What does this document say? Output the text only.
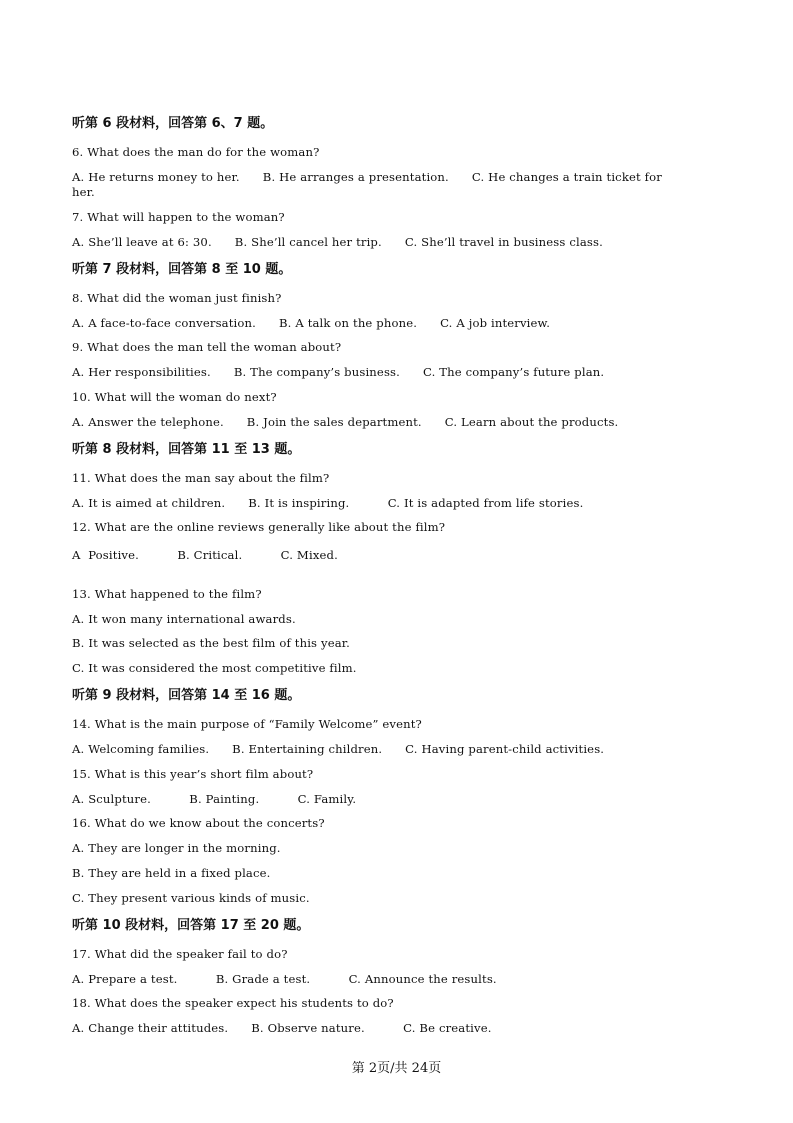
听第 6 段材料，回答第 6、7 题。
6. What does the man do for the woman?
A. He returns money to her.      B. He arranges a presentation.      C. He changes a train ticket for
her.
7. What will happen to the woman?
A. She’ll leave at 6: 30.      B. She’ll cancel her trip.      C. She’ll travel in business class.
听第 7 段材料，回答第 8 至 10 题。
8. What did the woman just finish?
A. A face-to-face conversation.      B. A talk on the phone.      C. A job interview.
9. What does the man tell the woman about?
A. Her responsibilities.      B. The company’s business.      C. The company’s future plan.
10. What will the woman do next?
A. Answer the telephone.      B. Join the sales department.      C. Learn about the products.
听第 8 段材料，回答第 11 至 13 题。
11. What does the man say about the film?
A. It is aimed at children.      B. It is inspiring.          C. It is adapted from life stories.
12. What are the online reviews generally like about the film?
A  Positive.          B. Critical.          C. Mixed.
13. What happened to the film?
A. It won many international awards.
B. It was selected as the best film of this year.
C. It was considered the most competitive film.
听第 9 段材料，回答第 14 至 16 题。
14. What is the main purpose of “Family Welcome” event?
A. Welcoming families.      B. Entertaining children.      C. Having parent-child activities.
15. What is this year’s short film about?
A. Sculpture.          B. Painting.          C. Family.
16. What do we know about the concerts?
A. They are longer in the morning.
B. They are held in a fixed place.
C. They present various kinds of music.
听第 10 段材料，回答第 17 至 20 题。
17. What did the speaker fail to do?
A. Prepare a test.          B. Grade a test.          C. Announce the results.
18. What does the speaker expect his students to do?
A. Change their attitudes.      B. Observe nature.          C. Be creative.
第 2页/共 24页
